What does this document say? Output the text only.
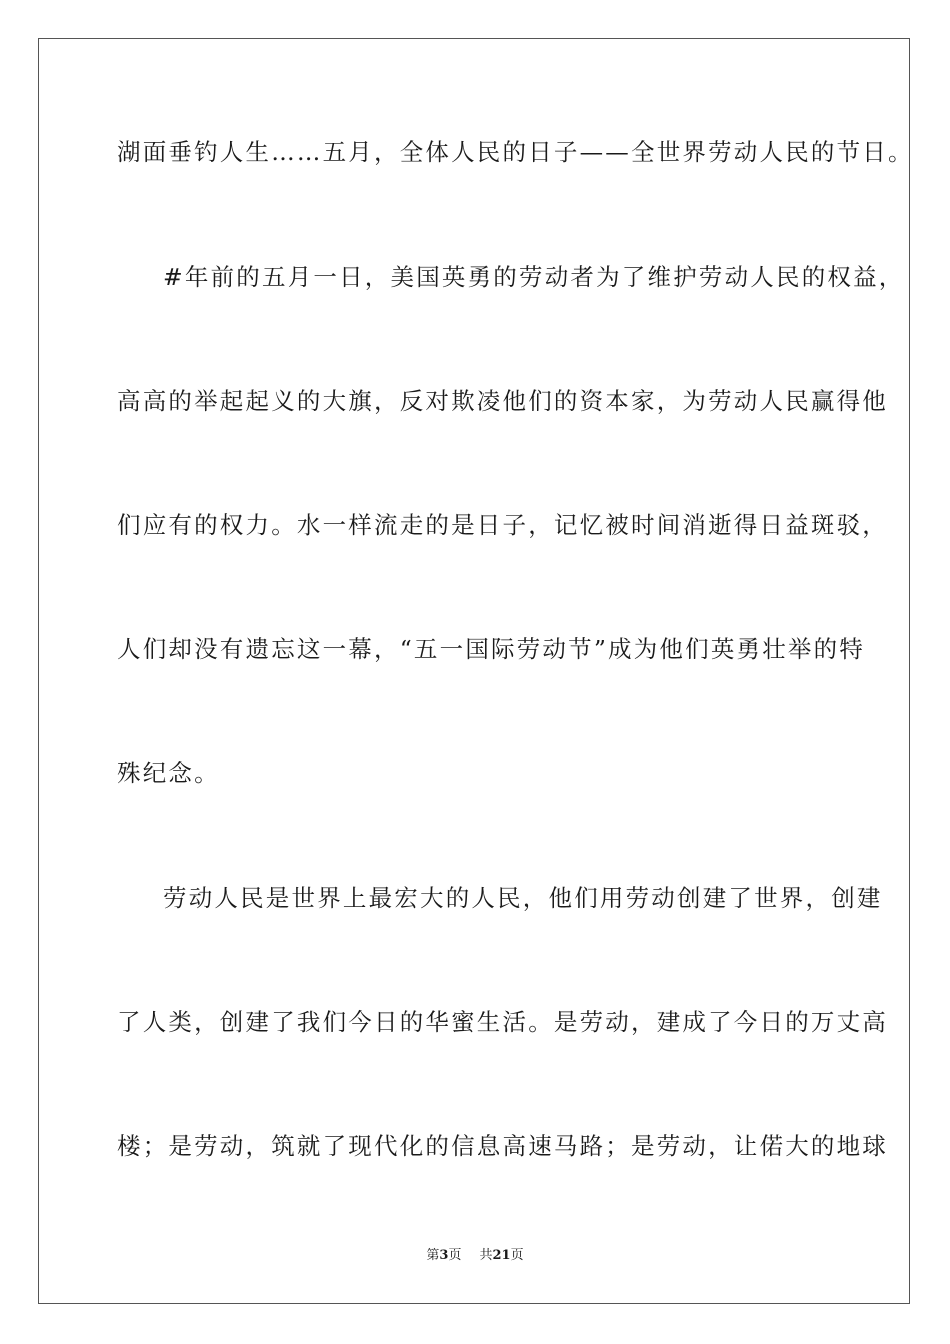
湖面垂钓人生……五月，全体人民的日子——全世界劳动人民的节日。
#年前的五月一日，美国英勇的劳动者为了维护劳动人民的权益，
高高的举起起义的大旗，反对欺凌他们的资本家，为劳动人民赢得他
们应有的权力。水一样流走的是日子，记忆被时间消逝得日益斑驳，
人们却没有遗忘这一幕，“五一国际劳动节”成为他们英勇壮举的特
殊纪念。
劳动人民是世界上最宏大的人民，他们用劳动创建了世界，创建
了人类，创建了我们今日的华蜜生活。是劳动，建成了今日的万丈高
楼；是劳动，筑就了现代化的信息高速马路；是劳动，让偌大的地球
第3页 共21页
